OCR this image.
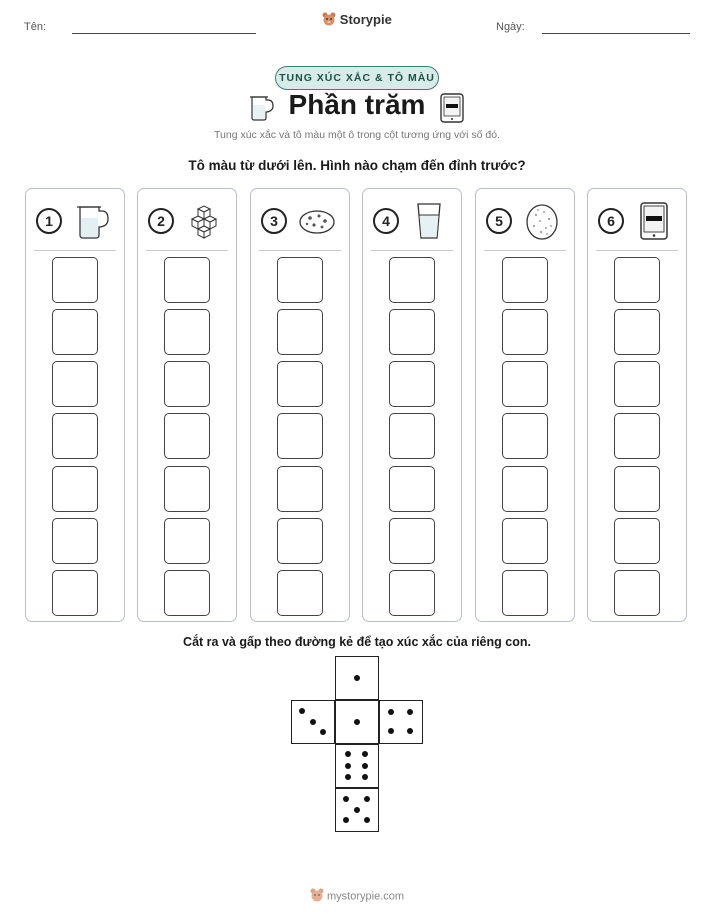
Tên:	Storypie	Ngày:
TUNG XÚC XẮC & TÔ MÀU
Phần trăm
Tung xúc xắc và tô màu một ô trong cột tương ứng với số đó.
Tô màu từ dưới lên. Hình nào chạm đến đỉnh trước?
1	2	3	4	5	6
Cắt ra và gấp theo đường kẻ để tạo xúc xắc của riêng con.
mystorypie.com
